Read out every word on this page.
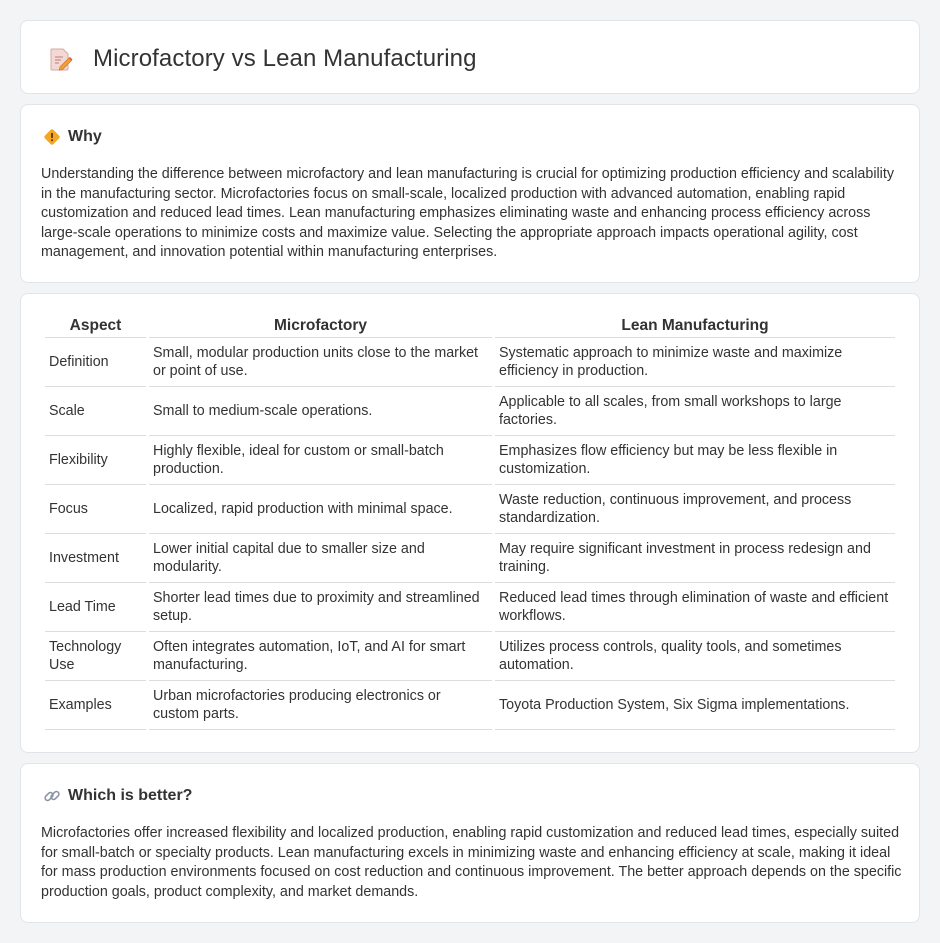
Microfactory vs Lean Manufacturing
Why

Understanding the difference between microfactory and lean manufacturing is crucial for optimizing production efficiency and scalability in the manufacturing sector. Microfactories focus on small-scale, localized production with advanced automation, enabling rapid customization and reduced lead times. Lean manufacturing emphasizes eliminating waste and enhancing process efficiency across large-scale operations to minimize costs and maximize value. Selecting the appropriate approach impacts operational agility, cost management, and innovation potential within manufacturing enterprises.

Aspect	Microfactory	Lean Manufacturing
Definition	Small, modular production units close to the market or point of use.	Systematic approach to minimize waste and maximize efficiency in production.
Scale	Small to medium-scale operations.	Applicable to all scales, from small workshops to large factories.
Flexibility	Highly flexible, ideal for custom or small-batch production.	Emphasizes flow efficiency but may be less flexible in customization.
Focus	Localized, rapid production with minimal space.	Waste reduction, continuous improvement, and process standardization.
Investment	Lower initial capital due to smaller size and modularity.	May require significant investment in process redesign and training.
Lead Time	Shorter lead times due to proximity and streamlined setup.	Reduced lead times through elimination of waste and efficient workflows.
Technology Use	Often integrates automation, IoT, and AI for smart manufacturing.	Utilizes process controls, quality tools, and sometimes automation.
Examples	Urban microfactories producing electronics or custom parts.	Toyota Production System, Six Sigma implementations.
Which is better?

Microfactories offer increased flexibility and localized production, enabling rapid customization and reduced lead times, especially suited for small-batch or specialty products. Lean manufacturing excels in minimizing waste and enhancing efficiency at scale, making it ideal for mass production environments focused on cost reduction and continuous improvement. The better approach depends on the specific production goals, product complexity, and market demands.
